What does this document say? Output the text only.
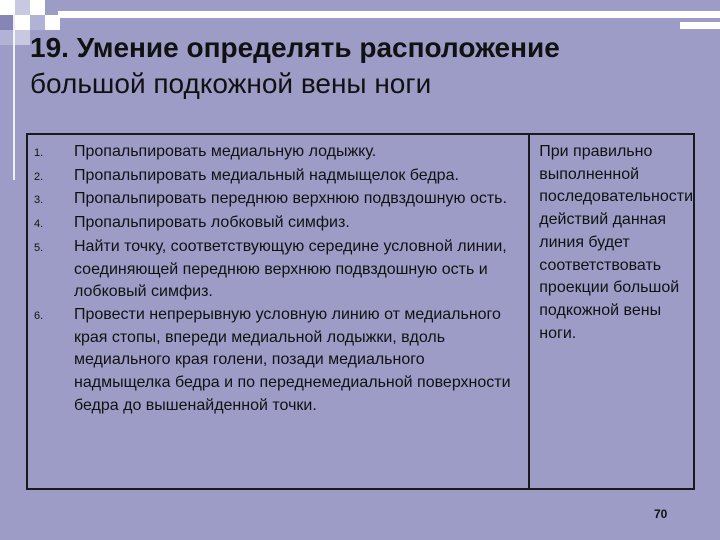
19. Умение определять расположение
большой подкожной вены ноги
1.	Пропальпировать медиальную лодыжку.
2.	Пропальпировать медиальный надмыщелок бедра.
3.	Пропальпировать переднюю верхнюю подвздошную ость.
4.	Пропальпировать лобковый симфиз.
5.	Найти точку, соответствующую середине условной линии, соединяющей переднюю верхнюю подвздошную ость и лобковый симфиз.
6.	Провести непрерывную условную линию от медиального края стопы, впереди медиальной лодыжки, вдоль медиального края голени, позади медиального надмыщелка бедра и по переднемедиальной поверхности бедра до вышенайденной точки.
При правильно выполненной последовательности действий данная линия будет соответствовать проекции большой подкожной вены ноги.
70
